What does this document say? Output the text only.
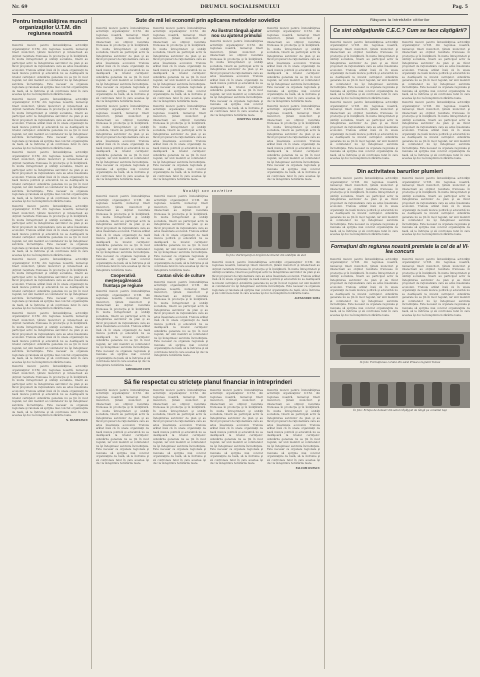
Nr. 69	DRUMUL SOCIALISMULUI	Pag. 5
Pentru îmbunătăţirea muncii organizaţiilor U.T.M. din regiunea noastră

Datorită muncii pentru îmbunătăţirea activităţii organizaţiilor U.T.M. din regiunea noastră, numeroşi tineri muncitori, ţărani muncitori şi intelectuali au obţinut rezultate frumoase în producţie şi în învăţătură. În multe întreprinderi şi unităţi socialiste, tinerii au participat activ la îndeplinirea sarcinilor de plan şi au făcut propuneri de raţionalizare care au adus însemnate economii. Trebuie arătat însă că în unele organizaţii de bază munca politică şi educativă nu se desfăşoară la nivelul cerinţelor. Adunările generale nu se ţin în mod regulat, iar unii membri ai comitetelor nu îşi îndeplinesc sarcinile încredinţate. Este necesar ca organele regionale şi raionale să sprijine mai concret organizaţiile de bază, să le îndrume şi să controleze felul în care acestea îşi duc la îndeplinire hotărârile luate.

Datorită muncii pentru îmbunătăţirea activităţii organizaţiilor U.T.M. din regiunea noastră, numeroşi tineri muncitori, ţărani muncitori şi intelectuali au obţinut rezultate frumoase în producţie şi în învăţătură. În multe întreprinderi şi unităţi socialiste, tinerii au participat activ la îndeplinirea sarcinilor de plan şi au făcut propuneri de raţionalizare care au adus însemnate economii. Trebuie arătat însă că în unele organizaţii de bază munca politică şi educativă nu se desfăşoară la nivelul cerinţelor. Adunările generale nu se ţin în mod regulat, iar unii membri ai comitetelor nu îşi îndeplinesc sarcinile încredinţate. Este necesar ca organele regionale şi raionale să sprijine mai concret organizaţiile de bază, să le îndrume şi să controleze felul în care acestea îşi duc la îndeplinire hotărârile luate.

Datorită muncii pentru îmbunătăţirea activităţii organizaţiilor U.T.M. din regiunea noastră, numeroşi tineri muncitori, ţărani muncitori şi intelectuali au obţinut rezultate frumoase în producţie şi în învăţătură. În multe întreprinderi şi unităţi socialiste, tinerii au participat activ la îndeplinirea sarcinilor de plan şi au făcut propuneri de raţionalizare care au adus însemnate economii. Trebuie arătat însă că în unele organizaţii de bază munca politică şi educativă nu se desfăşoară la nivelul cerinţelor. Adunările generale nu se ţin în mod regulat, iar unii membri ai comitetelor nu îşi îndeplinesc sarcinile încredinţate. Este necesar ca organele regionale şi raionale să sprijine mai concret organizaţiile de bază, să le îndrume şi să controleze felul în care acestea îşi duc la îndeplinire hotărârile luate.

Datorită muncii pentru îmbunătăţirea activităţii organizaţiilor U.T.M. din regiunea noastră, numeroşi tineri muncitori, ţărani muncitori şi intelectuali au obţinut rezultate frumoase în producţie şi în învăţătură. În multe întreprinderi şi unităţi socialiste, tinerii au participat activ la îndeplinirea sarcinilor de plan şi au făcut propuneri de raţionalizare care au adus însemnate economii. Trebuie arătat însă că în unele organizaţii de bază munca politică şi educativă nu se desfăşoară la nivelul cerinţelor. Adunările generale nu se ţin în mod regulat, iar unii membri ai comitetelor nu îşi îndeplinesc sarcinile încredinţate. Este necesar ca organele regionale şi raionale să sprijine mai concret organizaţiile de bază, să le îndrume şi să controleze felul în care acestea îşi duc la îndeplinire hotărârile luate.

Datorită muncii pentru îmbunătăţirea activităţii organizaţiilor U.T.M. din regiunea noastră, numeroşi tineri muncitori, ţărani muncitori şi intelectuali au obţinut rezultate frumoase în producţie şi în învăţătură. În multe întreprinderi şi unităţi socialiste, tinerii au participat activ la îndeplinirea sarcinilor de plan şi au făcut propuneri de raţionalizare care au adus însemnate economii. Trebuie arătat însă că în unele organizaţii de bază munca politică şi educativă nu se desfăşoară la nivelul cerinţelor. Adunările generale nu se ţin în mod regulat, iar unii membri ai comitetelor nu îşi îndeplinesc sarcinile încredinţate. Este necesar ca organele regionale şi raionale să sprijine mai concret organizaţiile de bază, să le îndrume şi să controleze felul în care acestea îşi duc la îndeplinire hotărârile luate.

Datorită muncii pentru îmbunătăţirea activităţii organizaţiilor U.T.M. din regiunea noastră, numeroşi tineri muncitori, ţărani muncitori şi intelectuali au obţinut rezultate frumoase în producţie şi în învăţătură. În multe întreprinderi şi unităţi socialiste, tinerii au participat activ la îndeplinirea sarcinilor de plan şi au făcut propuneri de raţionalizare care au adus însemnate economii. Trebuie arătat însă că în unele organizaţii de bază munca politică şi educativă nu se desfăşoară la nivelul cerinţelor. Adunările generale nu se ţin în mod regulat, iar unii membri ai comitetelor nu îşi îndeplinesc sarcinile încredinţate. Este necesar ca organele regionale şi raionale să sprijine mai concret organizaţiile de bază, să le îndrume şi să controleze felul în care acestea îşi duc la îndeplinire hotărârile luate.

Datorită muncii pentru îmbunătăţirea activităţii organizaţiilor U.T.M. din regiunea noastră, numeroşi tineri muncitori, ţărani muncitori şi intelectuali au obţinut rezultate frumoase în producţie şi în învăţătură. În multe întreprinderi şi unităţi socialiste, tinerii au participat activ la îndeplinirea sarcinilor de plan şi au făcut propuneri de raţionalizare care au adus însemnate economii. Trebuie arătat însă că în unele organizaţii de bază munca politică şi educativă nu se desfăşoară la nivelul cerinţelor. Adunările generale nu se ţin în mod regulat, iar unii membri ai comitetelor nu îşi îndeplinesc sarcinile încredinţate. Este necesar ca organele regionale şi raionale să sprijine mai concret organizaţiile de bază, să le îndrume şi să controleze felul în care acestea îşi duc la îndeplinire hotărârile luate.

N. DANIELESCU
Sute de mii lei economii prin aplicarea metodelor sovietice

Datorită muncii pentru îmbunătăţirea activităţii organizaţiilor U.T.M. din regiunea noastră, numeroşi tineri muncitori, ţărani muncitori şi intelectuali au obţinut rezultate frumoase în producţie şi în învăţătură. În multe întreprinderi şi unităţi socialiste, tinerii au participat activ la îndeplinirea sarcinilor de plan şi au făcut propuneri de raţionalizare care au adus însemnate economii. Trebuie arătat însă că în unele organizaţii de bază munca politică şi educativă nu se desfăşoară la nivelul cerinţelor. Adunările generale nu se ţin în mod regulat, iar unii membri ai comitetelor nu îşi îndeplinesc sarcinile încredinţate. Este necesar ca organele regionale şi raionale să sprijine mai concret organizaţiile de bază, să le îndrume şi să controleze felul în care acestea îşi duc la îndeplinire hotărârile luate.

Datorită muncii pentru îmbunătăţirea activităţii organizaţiilor U.T.M. din regiunea noastră, numeroşi tineri muncitori, ţărani muncitori şi intelectuali au obţinut rezultate frumoase în producţie şi în învăţătură. În multe întreprinderi şi unităţi socialiste, tinerii au participat activ la îndeplinirea sarcinilor de plan şi au făcut propuneri de raţionalizare care au adus însemnate economii. Trebuie arătat însă că în unele organizaţii de bază munca politică şi educativă nu se desfăşoară la nivelul cerinţelor. Adunările generale nu se ţin în mod regulat, iar unii membri ai comitetelor nu îşi îndeplinesc sarcinile încredinţate. Este necesar ca organele regionale şi raionale să sprijine mai concret organizaţiile de bază, să le îndrume şi să controleze felul în care acestea îşi duc la îndeplinire hotărârile luate.

Datorită muncii pentru îmbunătăţirea activităţii organizaţiilor U.T.M. din regiunea noastră, numeroşi tineri muncitori, ţărani muncitori şi intelectuali au obţinut rezultate frumoase în producţie şi în învăţătură. În multe întreprinderi şi unităţi socialiste, tinerii au participat activ la îndeplinirea sarcinilor de plan şi au făcut propuneri de raţionalizare care au adus însemnate economii. Trebuie arătat însă că în unele organizaţii de bază munca politică şi educativă nu se desfăşoară la nivelul cerinţelor. Adunările generale nu se ţin în mod regulat, iar unii membri ai comitetelor nu îşi îndeplinesc sarcinile încredinţate. Este necesar ca organele regionale şi raionale să sprijine mai concret organizaţiile de bază, să le îndrume şi să controleze felul în care acestea îşi duc la îndeplinire hotărârile luate.

Datorită muncii pentru îmbunătăţirea activităţii organizaţiilor U.T.M. din regiunea noastră, numeroşi tineri muncitori, ţărani muncitori şi intelectuali au obţinut rezultate frumoase în producţie şi în învăţătură. În multe întreprinderi şi unităţi socialiste, tinerii au participat activ la îndeplinirea sarcinilor de plan şi au făcut propuneri de raţionalizare care au adus însemnate economii. Trebuie arătat însă că în unele organizaţii de bază munca politică şi educativă nu se desfăşoară la nivelul cerinţelor. Adunările generale nu se ţin în mod regulat, iar unii membri ai comitetelor nu îşi îndeplinesc sarcinile încredinţate. Este necesar ca organele regionale şi raionale să sprijine mai concret organizaţiile de bază, să le îndrume şi să controleze felul în care acestea îşi duc la îndeplinire hotărârile luate.

Au ilustrat tânguă ajutor nou cu ajutorul primului

Datorită muncii pentru îmbunătăţirea activităţii organizaţiilor U.T.M. din regiunea noastră, numeroşi tineri muncitori, ţărani muncitori şi intelectuali au obţinut rezultate frumoase în producţie şi în învăţătură. În multe întreprinderi şi unităţi socialiste, tinerii au participat activ la îndeplinirea sarcinilor de plan şi au făcut propuneri de raţionalizare care au adus însemnate economii. Trebuie arătat însă că în unele organizaţii de bază munca politică şi educativă nu se desfăşoară la nivelul cerinţelor. Adunările generale nu se ţin în mod regulat, iar unii membri ai comitetelor nu îşi îndeplinesc sarcinile încredinţate. Este necesar ca organele regionale şi raionale să sprijine mai concret organizaţiile de bază, să le îndrume şi să controleze felul în care acestea îşi duc la îndeplinire hotărârile luate.

IOSEFINA VASILIU

Datorită muncii pentru îmbunătăţirea activităţii organizaţiilor U.T.M. din regiunea noastră, numeroşi tineri muncitori, ţărani muncitori şi intelectuali au obţinut rezultate frumoase în producţie şi în învăţătură. În multe întreprinderi şi unităţi socialiste, tinerii au participat activ la îndeplinirea sarcinilor de plan şi au făcut propuneri de raţionalizare care au adus însemnate economii. Trebuie arătat însă că în unele organizaţii de bază munca politică şi educativă nu se desfăşoară la nivelul cerinţelor. Adunările generale nu se ţin în mod regulat, iar unii membri ai comitetelor nu îşi îndeplinesc sarcinile încredinţate. Este necesar ca organele regionale şi raionale să sprijine mai concret organizaţiile de bază, să le îndrume şi să controleze felul în care acestea îşi duc la îndeplinire hotărârile luate.

Datorită muncii pentru îmbunătăţirea activităţii organizaţiilor U.T.M. din regiunea noastră, numeroşi tineri muncitori, ţărani muncitori şi intelectuali au obţinut rezultate frumoase în producţie şi în învăţătură. În multe întreprinderi şi unităţi socialiste, tinerii au participat activ la îndeplinirea sarcinilor de plan şi au făcut propuneri de raţionalizare care au adus însemnate economii. Trebuie arătat însă că în unele organizaţii de bază munca politică şi educativă nu se desfăşoară la nivelul cerinţelor. Adunările generale nu se ţin în mod regulat, iar unii membri ai comitetelor nu îşi îndeplinesc sarcinile încredinţate. Este necesar ca organele regionale şi raionale să sprijine mai concret organizaţiile de bază, să le îndrume şi să controleze felul în care acestea îşi duc la îndeplinire hotărârile luate.

Noutăţi sov sovietice

Datorită muncii pentru îmbunătăţirea activităţii organizaţiilor U.T.M. din regiunea noastră, numeroşi tineri muncitori, ţărani muncitori şi intelectuali au obţinut rezultate frumoase în producţie şi în învăţătură. În multe întreprinderi şi unităţi socialiste, tinerii au participat activ la îndeplinirea sarcinilor de plan şi au făcut propuneri de raţionalizare care au adus însemnate economii. Trebuie arătat însă că în unele organizaţii de bază munca politică şi educativă nu se desfăşoară la nivelul cerinţelor. Adunările generale nu se ţin în mod regulat, iar unii membri ai comitetelor nu îşi îndeplinesc sarcinile încredinţate. Este necesar ca organele regionale şi raionale să sprijine mai concret organizaţiile de bază, să le îndrume şi să controleze felul în care acestea îşi duc la îndeplinire hotărârile luate.

Cooperativă meşteşugărească fruntaşa pe regiune

Datorită muncii pentru îmbunătăţirea activităţii organizaţiilor U.T.M. din regiunea noastră, numeroşi tineri muncitori, ţărani muncitori şi intelectuali au obţinut rezultate frumoase în producţie şi în învăţătură. În multe întreprinderi şi unităţi socialiste, tinerii au participat activ la îndeplinirea sarcinilor de plan şi au făcut propuneri de raţionalizare care au adus însemnate economii. Trebuie arătat însă că în unele organizaţii de bază munca politică şi educativă nu se desfăşoară la nivelul cerinţelor. Adunările generale nu se ţin în mod regulat, iar unii membri ai comitetelor nu îşi îndeplinesc sarcinile încredinţate. Este necesar ca organele regionale şi raionale să sprijine mai concret organizaţiile de bază, să le îndrume şi să controleze felul în care acestea îşi duc la îndeplinire hotărârile luate.

GHEORGHE COTI

Datorită muncii pentru îmbunătăţirea activităţii organizaţiilor U.T.M. din regiunea noastră, numeroşi tineri muncitori, ţărani muncitori şi intelectuali au obţinut rezultate frumoase în producţie şi în învăţătură. În multe întreprinderi şi unităţi socialiste, tinerii au participat activ la îndeplinirea sarcinilor de plan şi au făcut propuneri de raţionalizare care au adus însemnate economii. Trebuie arătat însă că în unele organizaţii de bază munca politică şi educativă nu se desfăşoară la nivelul cerinţelor. Adunările generale nu se ţin în mod regulat, iar unii membri ai comitetelor nu îşi îndeplinesc sarcinile încredinţate. Este necesar ca organele regionale şi raionale să sprijine mai concret organizaţiile de bază, să le îndrume şi să controleze felul în care acestea îşi duc la îndeplinire hotărârile luate.

Cantan silvic de culture

Datorită muncii pentru îmbunătăţirea activităţii organizaţiilor U.T.M. din regiunea noastră, numeroşi tineri muncitori, ţărani muncitori şi intelectuali au obţinut rezultate frumoase în producţie şi în învăţătură. În multe întreprinderi şi unităţi socialiste, tinerii au participat activ la îndeplinirea sarcinilor de plan şi au făcut propuneri de raţionalizare care au adus însemnate economii. Trebuie arătat însă că în unele organizaţii de bază munca politică şi educativă nu se desfăşoară la nivelul cerinţelor. Adunările generale nu se ţin în mod regulat, iar unii membri ai comitetelor nu îşi îndeplinesc sarcinile încredinţate. Este necesar ca organele regionale şi raionale să sprijine mai concret organizaţiile de bază, să le îndrume şi să controleze felul în care acestea îşi duc la îndeplinire hotărârile luate.

În foto: Participanţi ai brigăzii de tineret din unităţile de stat

Datorită muncii pentru îmbunătăţirea activităţii organizaţiilor U.T.M. din regiunea noastră, numeroşi tineri muncitori, ţărani muncitori şi intelectuali au obţinut rezultate frumoase în producţie şi în învăţătură. În multe întreprinderi şi unităţi socialiste, tinerii au participat activ la îndeplinirea sarcinilor de plan şi au făcut propuneri de raţionalizare care au adus însemnate economii. Trebuie arătat însă că în unele organizaţii de bază munca politică şi educativă nu se desfăşoară la nivelul cerinţelor. Adunările generale nu se ţin în mod regulat, iar unii membri ai comitetelor nu îşi îndeplinesc sarcinile încredinţate. Este necesar ca organele regionale şi raionale să sprijine mai concret organizaţiile de bază, să le îndrume şi să controleze felul în care acestea îşi duc la îndeplinire hotărârile luate.

ALEXANDRU SIMA
Să fie respectat cu stricteţe planul financiar în întreprinderi

Datorită muncii pentru îmbunătăţirea activităţii organizaţiilor U.T.M. din regiunea noastră, numeroşi tineri muncitori, ţărani muncitori şi intelectuali au obţinut rezultate frumoase în producţie şi în învăţătură. În multe întreprinderi şi unităţi socialiste, tinerii au participat activ la îndeplinirea sarcinilor de plan şi au făcut propuneri de raţionalizare care au adus însemnate economii. Trebuie arătat însă că în unele organizaţii de bază munca politică şi educativă nu se desfăşoară la nivelul cerinţelor. Adunările generale nu se ţin în mod regulat, iar unii membri ai comitetelor nu îşi îndeplinesc sarcinile încredinţate. Este necesar ca organele regionale şi raionale să sprijine mai concret organizaţiile de bază, să le îndrume şi să controleze felul în care acestea îşi duc la îndeplinire hotărârile luate.

Datorită muncii pentru îmbunătăţirea activităţii organizaţiilor U.T.M. din regiunea noastră, numeroşi tineri muncitori, ţărani muncitori şi intelectuali au obţinut rezultate frumoase în producţie şi în învăţătură. În multe întreprinderi şi unităţi socialiste, tinerii au participat activ la îndeplinirea sarcinilor de plan şi au făcut propuneri de raţionalizare care au adus însemnate economii. Trebuie arătat însă că în unele organizaţii de bază munca politică şi educativă nu se desfăşoară la nivelul cerinţelor. Adunările generale nu se ţin în mod regulat, iar unii membri ai comitetelor nu îşi îndeplinesc sarcinile încredinţate. Este necesar ca organele regionale şi raionale să sprijine mai concret organizaţiile de bază, să le îndrume şi să controleze felul în care acestea îşi duc la îndeplinire hotărârile luate.

Datorită muncii pentru îmbunătăţirea activităţii organizaţiilor U.T.M. din regiunea noastră, numeroşi tineri muncitori, ţărani muncitori şi intelectuali au obţinut rezultate frumoase în producţie şi în învăţătură. În multe întreprinderi şi unităţi socialiste, tinerii au participat activ la îndeplinirea sarcinilor de plan şi au făcut propuneri de raţionalizare care au adus însemnate economii. Trebuie arătat însă că în unele organizaţii de bază munca politică şi educativă nu se desfăşoară la nivelul cerinţelor. Adunările generale nu se ţin în mod regulat, iar unii membri ai comitetelor nu îşi îndeplinesc sarcinile încredinţate. Este necesar ca organele regionale şi raionale să sprijine mai concret organizaţiile de bază, să le îndrume şi să controleze felul în care acestea îşi duc la îndeplinire hotărârile luate.

Datorită muncii pentru îmbunătăţirea activităţii organizaţiilor U.T.M. din regiunea noastră, numeroşi tineri muncitori, ţărani muncitori şi intelectuali au obţinut rezultate frumoase în producţie şi în învăţătură. În multe întreprinderi şi unităţi socialiste, tinerii au participat activ la îndeplinirea sarcinilor de plan şi au făcut propuneri de raţionalizare care au adus însemnate economii. Trebuie arătat însă că în unele organizaţii de bază munca politică şi educativă nu se desfăşoară la nivelul cerinţelor. Adunările generale nu se ţin în mod regulat, iar unii membri ai comitetelor nu îşi îndeplinesc sarcinile încredinţate. Este necesar ca organele regionale şi raionale să sprijine mai concret organizaţiile de bază, să le îndrume şi să controleze felul în care acestea îşi duc la îndeplinire hotărârile luate.

FALCOM ONESCU
Răspuns la întrebările cititorilor
Ce sint obligaţiunile C.E.C.? Cum se face câştigării?

Datorită muncii pentru îmbunătăţirea activităţii organizaţiilor U.T.M. din regiunea noastră, numeroşi tineri muncitori, ţărani muncitori şi intelectuali au obţinut rezultate frumoase în producţie şi în învăţătură. În multe întreprinderi şi unităţi socialiste, tinerii au participat activ la îndeplinirea sarcinilor de plan şi au făcut propuneri de raţionalizare care au adus însemnate economii. Trebuie arătat însă că în unele organizaţii de bază munca politică şi educativă nu se desfăşoară la nivelul cerinţelor. Adunările generale nu se ţin în mod regulat, iar unii membri ai comitetelor nu îşi îndeplinesc sarcinile încredinţate. Este necesar ca organele regionale şi raionale să sprijine mai concret organizaţiile de bază, să le îndrume şi să controleze felul în care acestea îşi duc la îndeplinire hotărârile luate.

Datorită muncii pentru îmbunătăţirea activităţii organizaţiilor U.T.M. din regiunea noastră, numeroşi tineri muncitori, ţărani muncitori şi intelectuali au obţinut rezultate frumoase în producţie şi în învăţătură. În multe întreprinderi şi unităţi socialiste, tinerii au participat activ la îndeplinirea sarcinilor de plan şi au făcut propuneri de raţionalizare care au adus însemnate economii. Trebuie arătat însă că în unele organizaţii de bază munca politică şi educativă nu se desfăşoară la nivelul cerinţelor. Adunările generale nu se ţin în mod regulat, iar unii membri ai comitetelor nu îşi îndeplinesc sarcinile încredinţate. Este necesar ca organele regionale şi raionale să sprijine mai concret organizaţiile de bază, să le îndrume şi să controleze felul în care acestea îşi duc la îndeplinire hotărârile luate.

Datorită muncii pentru îmbunătăţirea activităţii organizaţiilor U.T.M. din regiunea noastră, numeroşi tineri muncitori, ţărani muncitori şi intelectuali au obţinut rezultate frumoase în producţie şi în învăţătură. În multe întreprinderi şi unităţi socialiste, tinerii au participat activ la îndeplinirea sarcinilor de plan şi au făcut propuneri de raţionalizare care au adus însemnate economii. Trebuie arătat însă că în unele organizaţii de bază munca politică şi educativă nu se desfăşoară la nivelul cerinţelor. Adunările generale nu se ţin în mod regulat, iar unii membri ai comitetelor nu îşi îndeplinesc sarcinile încredinţate. Este necesar ca organele regionale şi raionale să sprijine mai concret organizaţiile de bază, să le îndrume şi să controleze felul în care acestea îşi duc la îndeplinire hotărârile luate.

Datorită muncii pentru îmbunătăţirea activităţii organizaţiilor U.T.M. din regiunea noastră, numeroşi tineri muncitori, ţărani muncitori şi intelectuali au obţinut rezultate frumoase în producţie şi în învăţătură. În multe întreprinderi şi unităţi socialiste, tinerii au participat activ la îndeplinirea sarcinilor de plan şi au făcut propuneri de raţionalizare care au adus însemnate economii. Trebuie arătat însă că în unele organizaţii de bază munca politică şi educativă nu se desfăşoară la nivelul cerinţelor. Adunările generale nu se ţin în mod regulat, iar unii membri ai comitetelor nu îşi îndeplinesc sarcinile încredinţate. Este necesar ca organele regionale şi raionale să sprijine mai concret organizaţiile de bază, să le îndrume şi să controleze felul în care acestea îşi duc la îndeplinire hotărârile luate.

Din activitatea barurilor plumieri

Datorită muncii pentru îmbunătăţirea activităţii organizaţiilor U.T.M. din regiunea noastră, numeroşi tineri muncitori, ţărani muncitori şi intelectuali au obţinut rezultate frumoase în producţie şi în învăţătură. În multe întreprinderi şi unităţi socialiste, tinerii au participat activ la îndeplinirea sarcinilor de plan şi au făcut propuneri de raţionalizare care au adus însemnate economii. Trebuie arătat însă că în unele organizaţii de bază munca politică şi educativă nu se desfăşoară la nivelul cerinţelor. Adunările generale nu se ţin în mod regulat, iar unii membri ai comitetelor nu îşi îndeplinesc sarcinile încredinţate. Este necesar ca organele regionale şi raionale să sprijine mai concret organizaţiile de bază, să le îndrume şi să controleze felul în care acestea îşi duc la îndeplinire hotărârile luate.

Datorită muncii pentru îmbunătăţirea activităţii organizaţiilor U.T.M. din regiunea noastră, numeroşi tineri muncitori, ţărani muncitori şi intelectuali au obţinut rezultate frumoase în producţie şi în învăţătură. În multe întreprinderi şi unităţi socialiste, tinerii au participat activ la îndeplinirea sarcinilor de plan şi au făcut propuneri de raţionalizare care au adus însemnate economii. Trebuie arătat însă că în unele organizaţii de bază munca politică şi educativă nu se desfăşoară la nivelul cerinţelor. Adunările generale nu se ţin în mod regulat, iar unii membri ai comitetelor nu îşi îndeplinesc sarcinile încredinţate. Este necesar ca organele regionale şi raionale să sprijine mai concret organizaţiile de bază, să le îndrume şi să controleze felul în care acestea îşi duc la îndeplinire hotărârile luate.

Formaţiuni din regiunea noastră premiate la cel de al VI-lea concurs

Datorită muncii pentru îmbunătăţirea activităţii organizaţiilor U.T.M. din regiunea noastră, numeroşi tineri muncitori, ţărani muncitori şi intelectuali au obţinut rezultate frumoase în producţie şi în învăţătură. În multe întreprinderi şi unităţi socialiste, tinerii au participat activ la îndeplinirea sarcinilor de plan şi au făcut propuneri de raţionalizare care au adus însemnate economii. Trebuie arătat însă că în unele organizaţii de bază munca politică şi educativă nu se desfăşoară la nivelul cerinţelor. Adunările generale nu se ţin în mod regulat, iar unii membri ai comitetelor nu îşi îndeplinesc sarcinile încredinţate. Este necesar ca organele regionale şi raionale să sprijine mai concret organizaţiile de bază, să le îndrume şi să controleze felul în care acestea îşi duc la îndeplinire hotărârile luate.

Datorită muncii pentru îmbunătăţirea activităţii organizaţiilor U.T.M. din regiunea noastră, numeroşi tineri muncitori, ţărani muncitori şi intelectuali au obţinut rezultate frumoase în producţie şi în învăţătură. În multe întreprinderi şi unităţi socialiste, tinerii au participat activ la îndeplinirea sarcinilor de plan şi au făcut propuneri de raţionalizare care au adus însemnate economii. Trebuie arătat însă că în unele organizaţii de bază munca politică şi educativă nu se desfăşoară la nivelul cerinţelor. Adunările generale nu se ţin în mod regulat, iar unii membri ai comitetelor nu îşi îndeplinesc sarcinile încredinţate. Este necesar ca organele regionale şi raionale să sprijine mai concret organizaţiile de bază, să le îndrume şi să controleze felul în care acestea îşi duc la îndeplinire hotărârile luate.

In foto: Formaţiunea corului din satul Prisaca regiunii Tulcea
În foto: Echipa de dansuri din satul Căpăţgoli de lângă pe consiliul Iaşi
